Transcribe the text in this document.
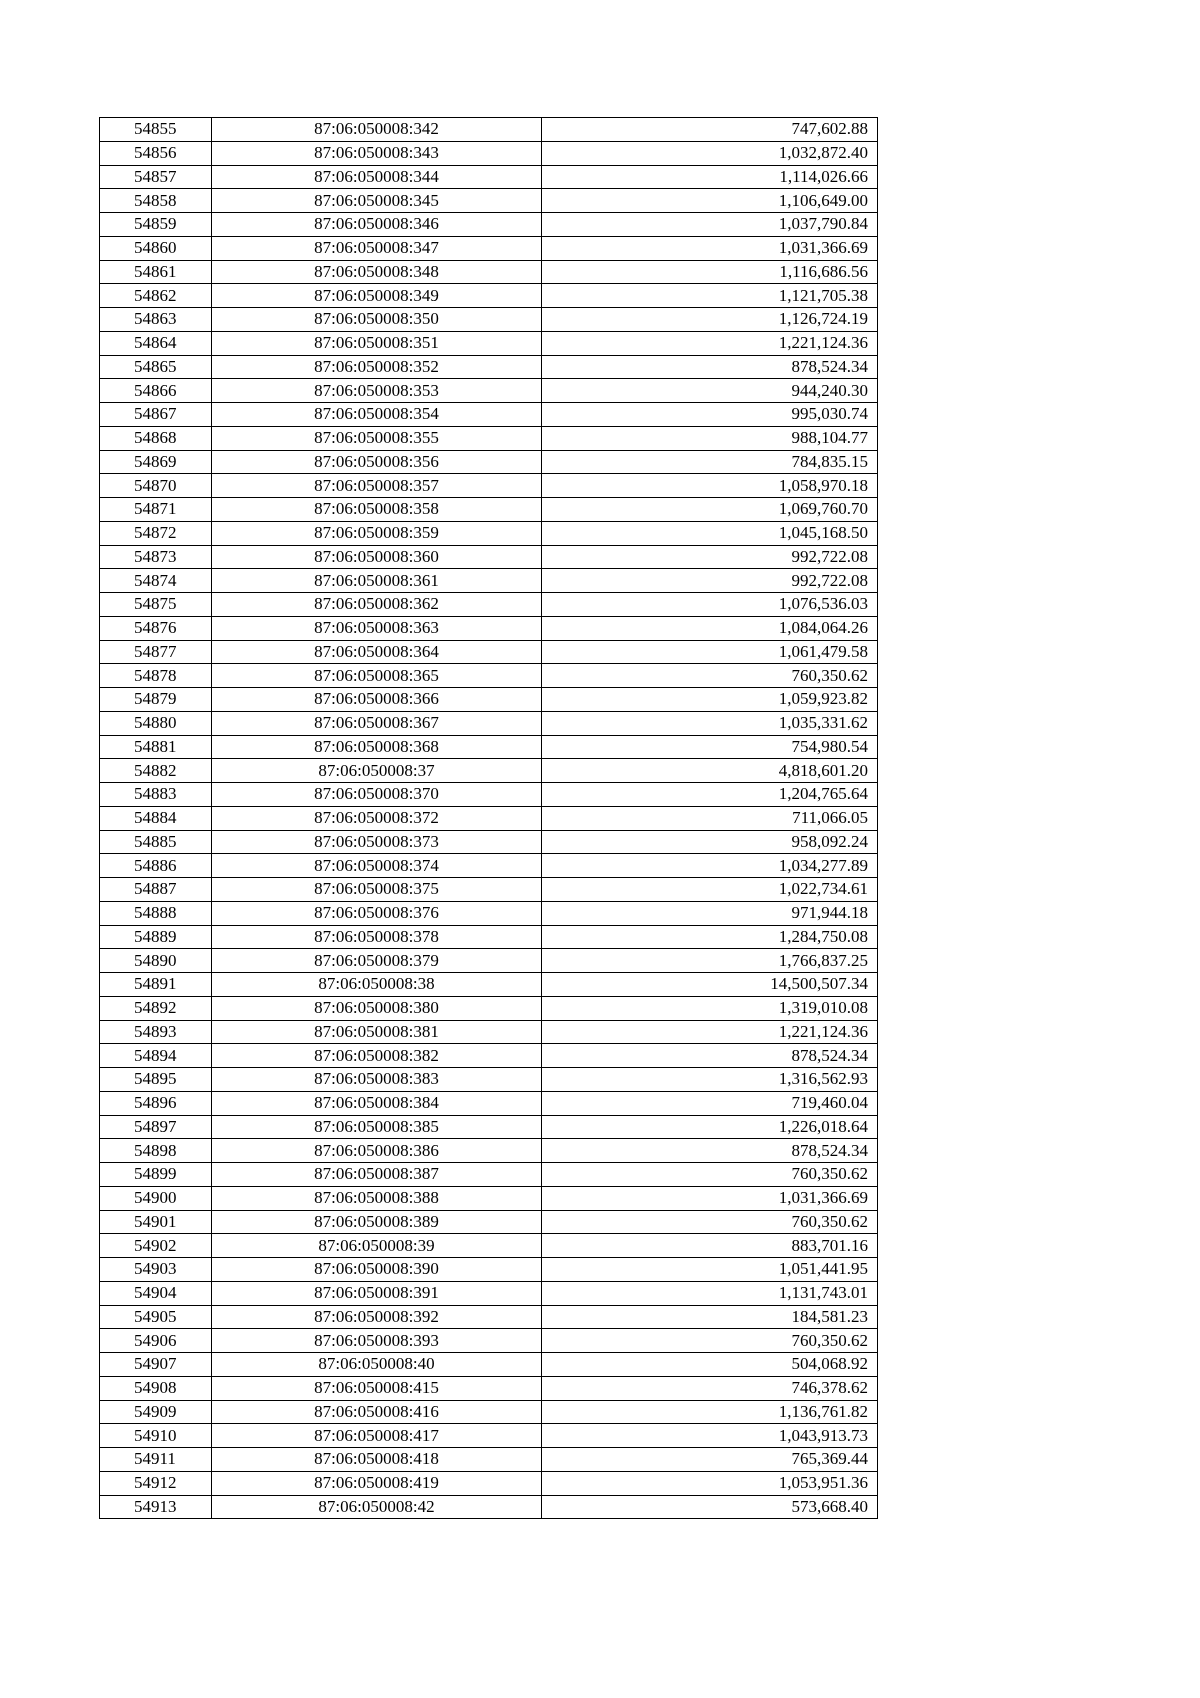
54855	87:06:050008:342	747,602.88
54856	87:06:050008:343	1,032,872.40
54857	87:06:050008:344	1,114,026.66
54858	87:06:050008:345	1,106,649.00
54859	87:06:050008:346	1,037,790.84
54860	87:06:050008:347	1,031,366.69
54861	87:06:050008:348	1,116,686.56
54862	87:06:050008:349	1,121,705.38
54863	87:06:050008:350	1,126,724.19
54864	87:06:050008:351	1,221,124.36
54865	87:06:050008:352	878,524.34
54866	87:06:050008:353	944,240.30
54867	87:06:050008:354	995,030.74
54868	87:06:050008:355	988,104.77
54869	87:06:050008:356	784,835.15
54870	87:06:050008:357	1,058,970.18
54871	87:06:050008:358	1,069,760.70
54872	87:06:050008:359	1,045,168.50
54873	87:06:050008:360	992,722.08
54874	87:06:050008:361	992,722.08
54875	87:06:050008:362	1,076,536.03
54876	87:06:050008:363	1,084,064.26
54877	87:06:050008:364	1,061,479.58
54878	87:06:050008:365	760,350.62
54879	87:06:050008:366	1,059,923.82
54880	87:06:050008:367	1,035,331.62
54881	87:06:050008:368	754,980.54
54882	87:06:050008:37	4,818,601.20
54883	87:06:050008:370	1,204,765.64
54884	87:06:050008:372	711,066.05
54885	87:06:050008:373	958,092.24
54886	87:06:050008:374	1,034,277.89
54887	87:06:050008:375	1,022,734.61
54888	87:06:050008:376	971,944.18
54889	87:06:050008:378	1,284,750.08
54890	87:06:050008:379	1,766,837.25
54891	87:06:050008:38	14,500,507.34
54892	87:06:050008:380	1,319,010.08
54893	87:06:050008:381	1,221,124.36
54894	87:06:050008:382	878,524.34
54895	87:06:050008:383	1,316,562.93
54896	87:06:050008:384	719,460.04
54897	87:06:050008:385	1,226,018.64
54898	87:06:050008:386	878,524.34
54899	87:06:050008:387	760,350.62
54900	87:06:050008:388	1,031,366.69
54901	87:06:050008:389	760,350.62
54902	87:06:050008:39	883,701.16
54903	87:06:050008:390	1,051,441.95
54904	87:06:050008:391	1,131,743.01
54905	87:06:050008:392	184,581.23
54906	87:06:050008:393	760,350.62
54907	87:06:050008:40	504,068.92
54908	87:06:050008:415	746,378.62
54909	87:06:050008:416	1,136,761.82
54910	87:06:050008:417	1,043,913.73
54911	87:06:050008:418	765,369.44
54912	87:06:050008:419	1,053,951.36
54913	87:06:050008:42	573,668.40
